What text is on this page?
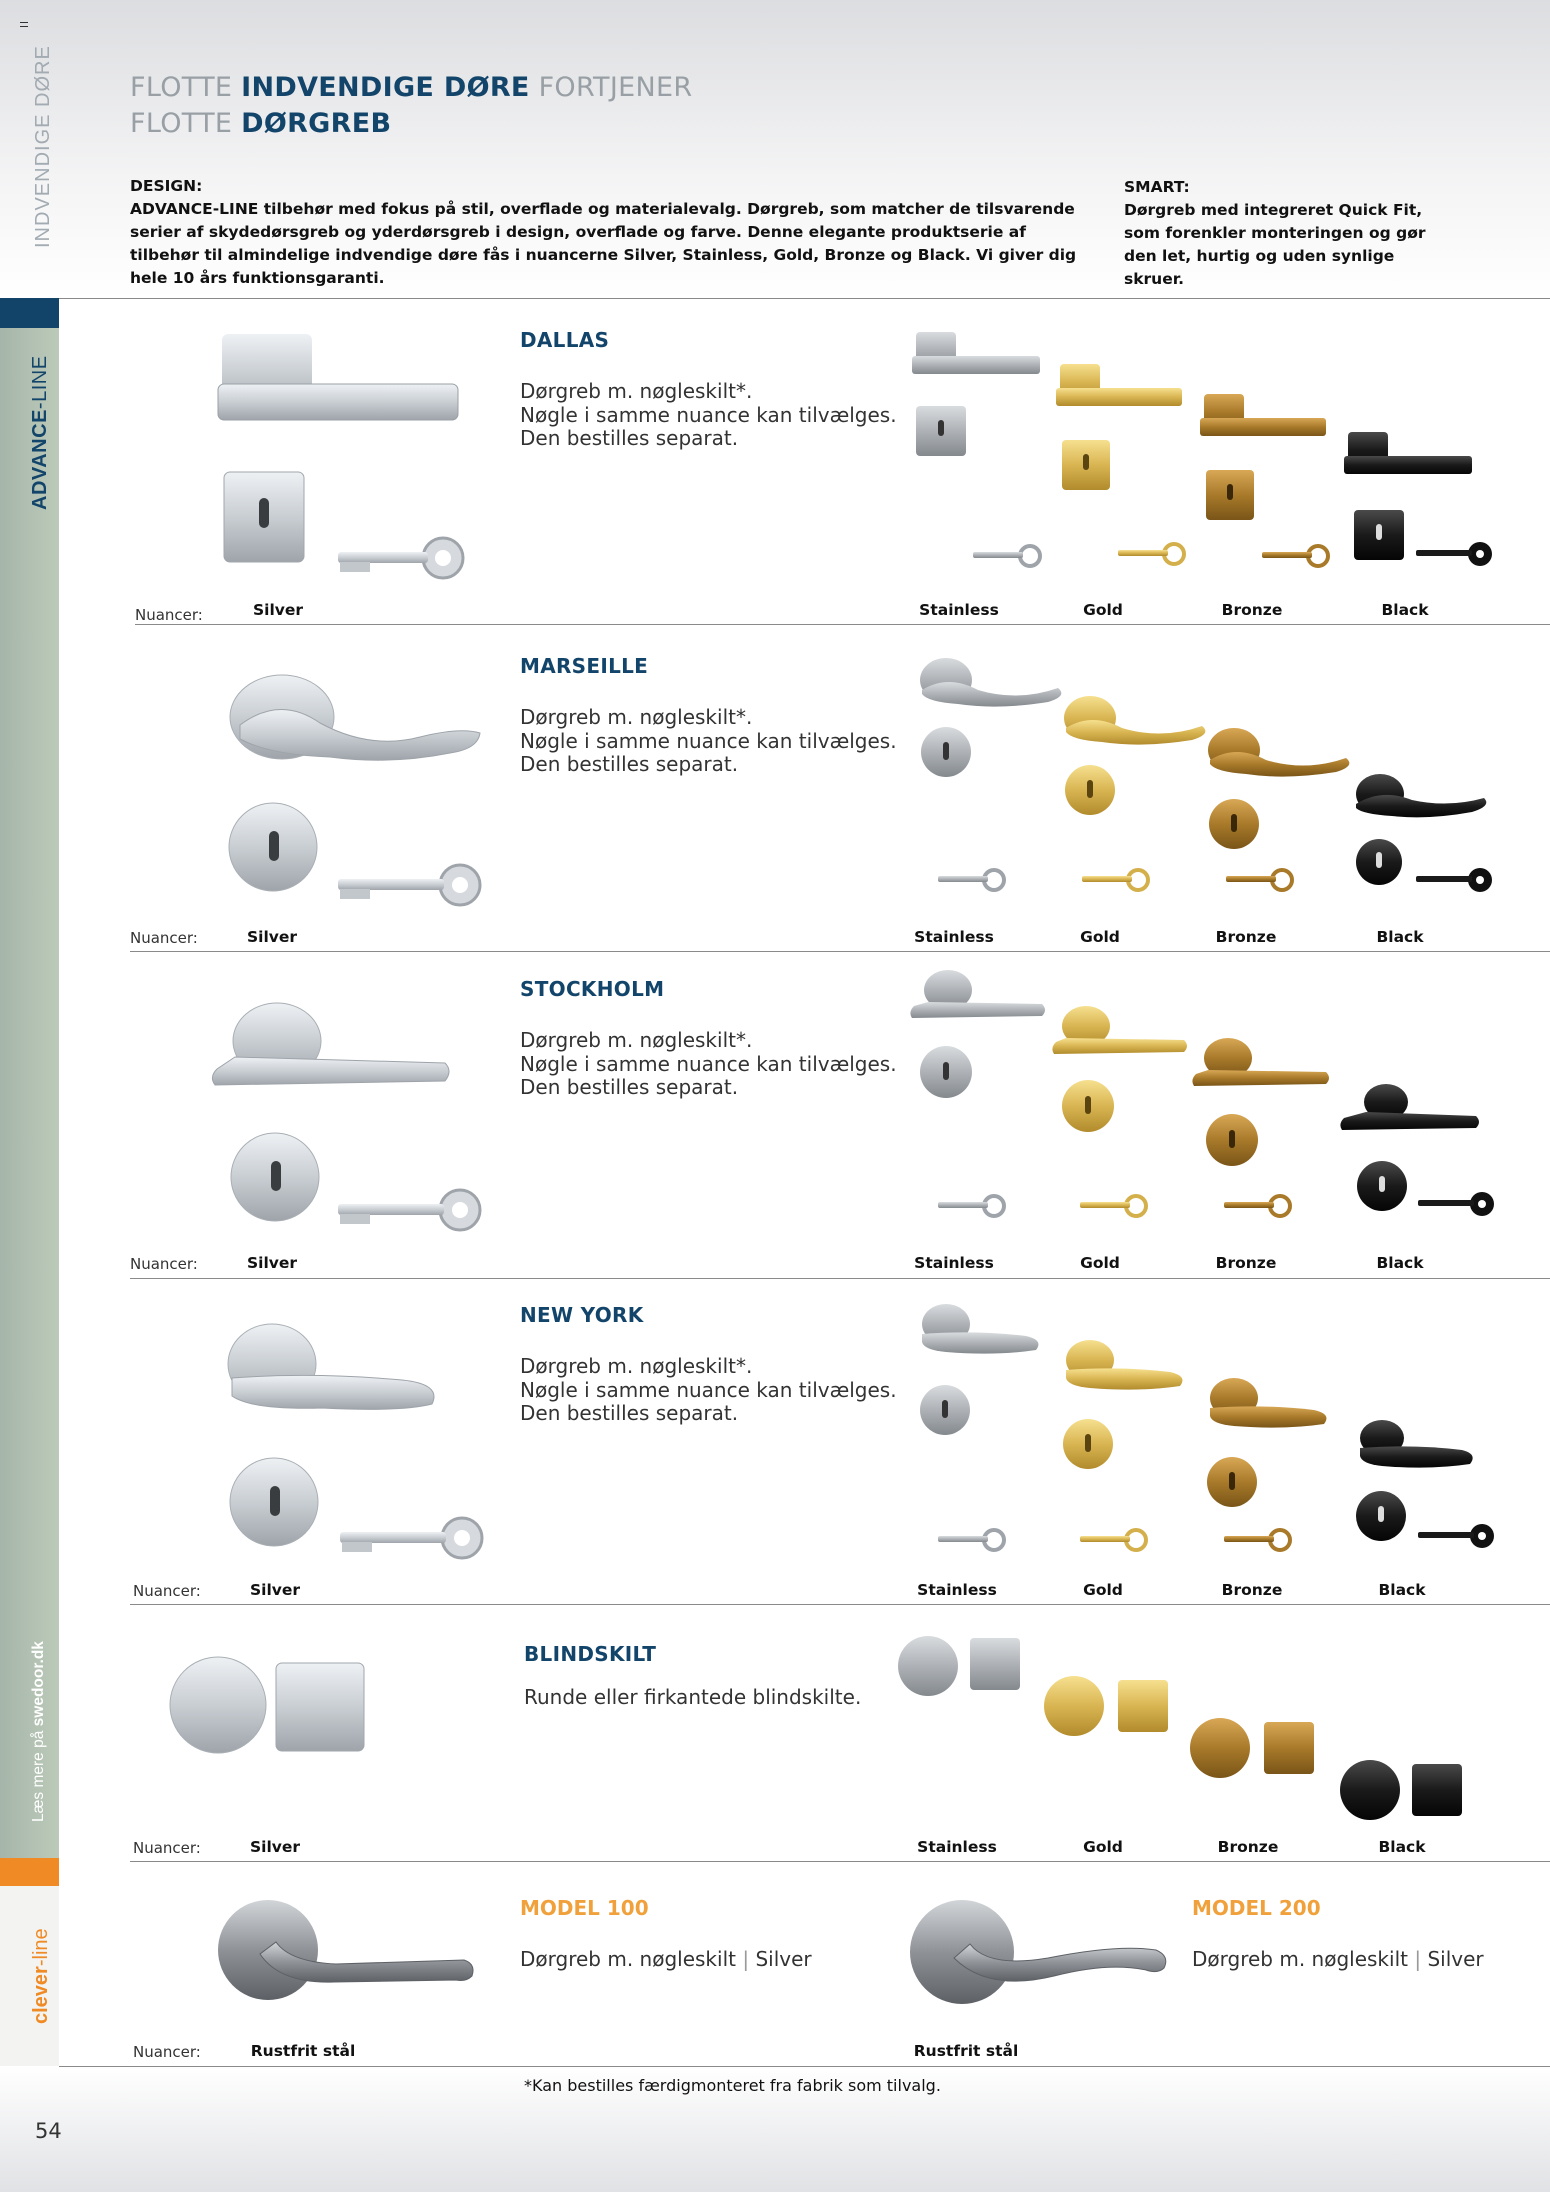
INDVENDIGE DØRE
ADVANCE-LINE
Læs mere på swedoor.dk
clever-line
FLOTTE INDVENDIGE DØRE FORTJENER
FLOTTE DØRGREB
DESIGN:
ADVANCE-LINE tilbehør med fokus på stil, overflade og materialevalg. Dørgreb, som matcher de tilsvarende serier af skydedørsgreb og yderdørsgreb i design, overflade og farve. Denne elegante produktserie af tilbehør til almindelige indvendige døre fås i nuancerne Silver, Stainless, Gold, Bronze og Black. Vi giver dig hele 10 års funktionsgaranti.
SMART:
Dørgreb med integreret Quick Fit, som forenkler monteringen og gør den let, hurtig og uden synlige skruer.
DALLAS
Dørgreb m. nøgleskilt*.
Nøgle i samme nuance kan tilvælges.
Den bestilles separat.
Nuancer:	Silver	Stainless	Gold	Bronze	Black
MARSEILLE
Dørgreb m. nøgleskilt*.
Nøgle i samme nuance kan tilvælges.
Den bestilles separat.
Nuancer:	Silver	Stainless	Gold	Bronze	Black
STOCKHOLM
Dørgreb m. nøgleskilt*.
Nøgle i samme nuance kan tilvælges.
Den bestilles separat.
Nuancer:	Silver	Stainless	Gold	Bronze	Black
NEW YORK
Dørgreb m. nøgleskilt*.
Nøgle i samme nuance kan tilvælges.
Den bestilles separat.
Nuancer:	Silver	Stainless	Gold	Bronze	Black
BLINDSKILT
Runde eller firkantede blindskilte.
Nuancer:	Silver	Stainless	Gold	Bronze	Black
MODEL 100
Dørgreb m. nøgleskilt | Silver
Nuancer:	Rustfrit stål
MODEL 200
Dørgreb m. nøgleskilt | Silver
Rustfrit stål
*Kan bestilles færdigmonteret fra fabrik som tilvalg.
54
